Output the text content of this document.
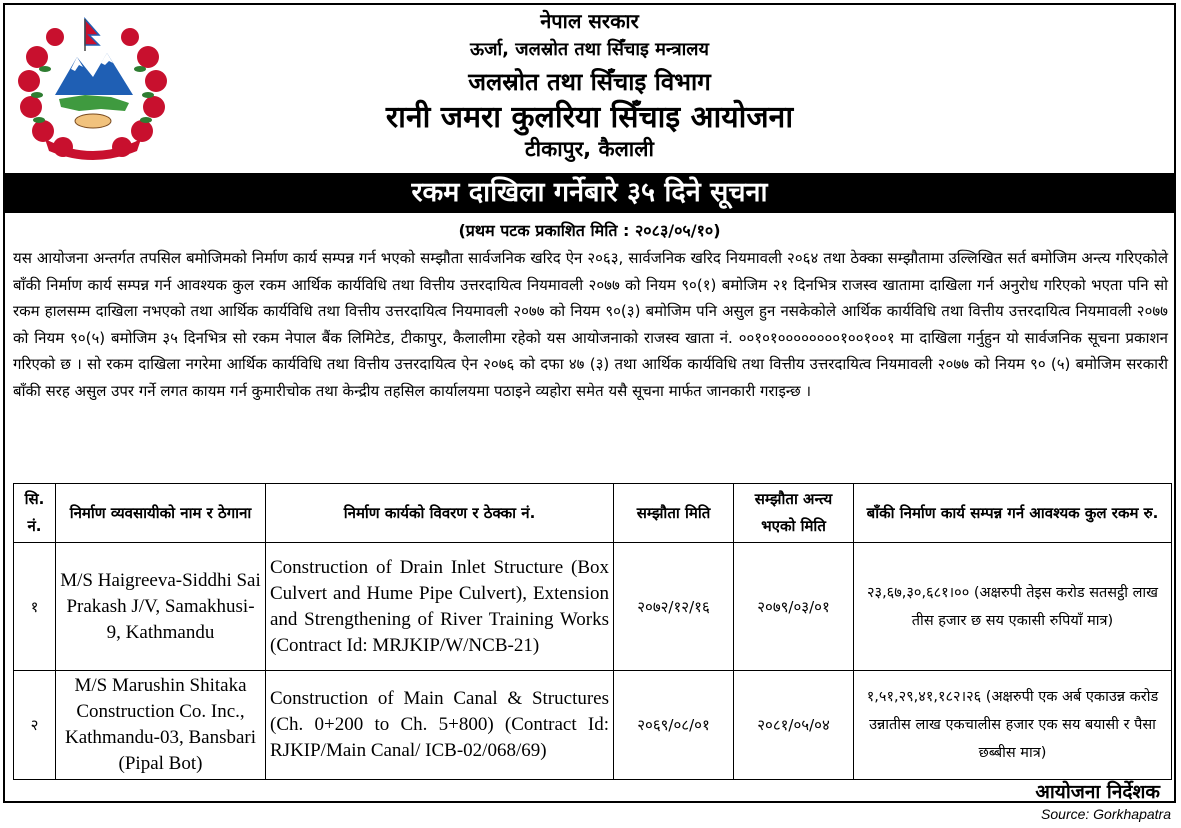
नेपाल सरकार
ऊर्जा, जलस्रोत तथा सिँचाइ मन्त्रालय
जलस्रोत तथा सिँचाइ विभाग
रानी जमरा कुलरिया सिँचाइ आयोजना
टीकापुर, कैलाली
रकम दाखिला गर्नेबारे ३५ दिने सूचना
(प्रथम पटक प्रकाशित मिति : २०८३/०५/१०)

यस आयोजना अन्तर्गत तपसिल बमोजिमको निर्माण कार्य सम्पन्न गर्न भएको सम्झौता सार्वजनिक खरिद ऐन २०६३, सार्वजनिक खरिद नियमावली २०६४ तथा ठेक्का सम्झौतामा उल्लिखित सर्त बमोजिम अन्त्य गरिएकोले बाँकी निर्माण कार्य सम्पन्न गर्न आवश्यक कुल रकम आर्थिक कार्यविधि तथा वित्तीय उत्तरदायित्व नियमावली २०७७ को नियम ९०(१) बमोजिम २१ दिनभित्र राजस्व खातामा दाखिला गर्न अनुरोध गरिएको भएता पनि सो रकम हालसम्म दाखिला नभएको तथा आर्थिक कार्यविधि तथा वित्तीय उत्तरदायित्व नियमावली २०७७ को नियम ९०(३) बमोजिम पनि असुल हुन नसकेकोले आर्थिक कार्यविधि तथा वित्तीय उत्तरदायित्व नियमावली २०७७ को नियम ९०(५) बमोजिम ३५ दिनभित्र सो रकम नेपाल बैंक लिमिटेड, टीकापुर, कैलालीमा रहेको यस आयोजनाको राजस्व खाता नं. ००१०१००००००००१००१००१ मा दाखिला गर्नुहुन यो सार्वजनिक सूचना प्रकाशन गरिएको छ । सो रकम दाखिला नगरेमा आर्थिक कार्यविधि तथा वित्तीय उत्तरदायित्व ऐन २०७६ को दफा ४७ (३) तथा आर्थिक कार्यविधि तथा वित्तीय उत्तरदायित्व नियमावली २०७७ को नियम ९० (५) बमोजिम सरकारी बाँकी सरह असुल उपर गर्ने लगत कायम गर्न कुमारीचोक तथा केन्द्रीय तहसिल कार्यालयमा पठाइने व्यहोरा समेत यसै सूचना मार्फत जानकारी गराइन्छ ।

सि. नं.	निर्माण व्यवसायीको नाम र ठेगाना	निर्माण कार्यको विवरण र ठेक्का नं.	सम्झौता मिति	सम्झौता अन्त्य भएको मिति	बाँकी निर्माण कार्य सम्पन्न गर्न आवश्यक कुल रकम रु.
१	M/S Haigreeva-Siddhi Sai Prakash J/V, Samakhusi-9, Kathmandu	Construction of Drain Inlet Structure (Box Culvert and Hume Pipe Culvert), Extension and Strengthening of River Training Works (Contract Id: MRJKIP/W/NCB-21)	२०७२/१२/१६	२०७९/०३/०१	२३,६७,३०,६८१।०० (अक्षरुपी तेइस करोड सतसट्ठी लाख तीस हजार छ सय एकासी रुपियाँ मात्र)
२	M/S Marushin Shitaka Construction Co. Inc., Kathmandu-03, Bansbari (Pipal Bot)	Construction of Main Canal & Structures (Ch. 0+200 to Ch. 5+800) (Contract Id: RJKIP/Main Canal/ ICB-02/068/69)	२०६९/०८/०१	२०८१/०५/०४	१,५१,२९,४१,१८२।२६ (अक्षरुपी एक अर्ब एकाउन्न करोड उन्नातीस लाख एकचालीस हजार एक सय बयासी र पैसा छब्बीस मात्र)
आयोजना निर्देशक
Source: Gorkhapatra
